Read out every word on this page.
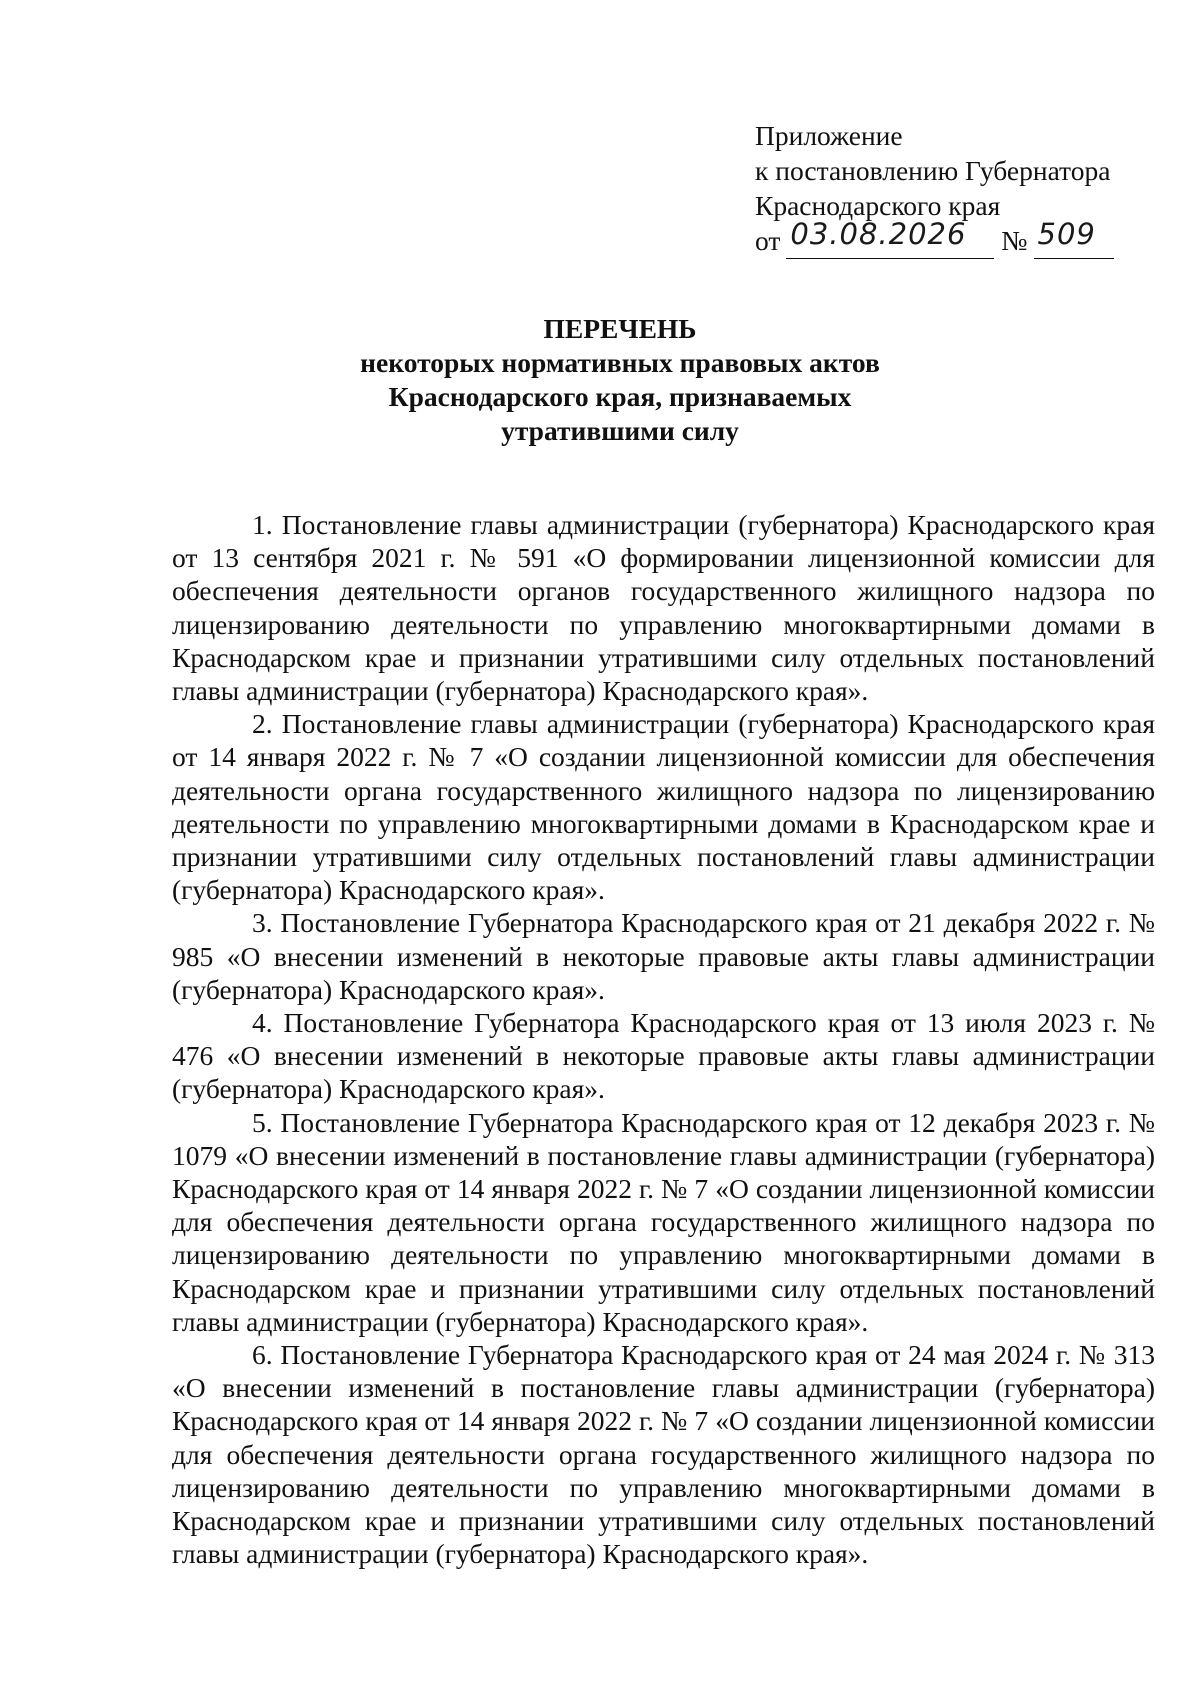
Приложение
к постановлению Губернатора
Краснодарского края
от 03.08.2026 № 509
ПЕРЕЧЕНЬ
некоторых нормативных правовых актов
Краснодарского края, признаваемых
утратившими силу

1. Постановление главы администрации (губернатора) Краснодарского края от 13 сентября 2021 г. № 591 «О формировании лицензионной комиссии для обеспечения деятельности органов государственного жилищного надзора по лицензированию деятельности по управлению многоквартирными домами в Краснодарском крае и признании утратившими силу отдельных постановлений главы администрации (губернатора) Краснодарского края».

2. Постановление главы администрации (губернатора) Краснодарского края от 14 января 2022 г. № 7 «О создании лицензионной комиссии для обеспечения деятельности органа государственного жилищного надзора по лицензированию деятельности по управлению многоквартирными домами в Краснодарском крае и признании утратившими силу отдельных постановлений главы администрации (губернатора) Краснодарского края».

3. Постановление Губернатора Краснодарского края от 21 декабря 2022 г. № 985 «О внесении изменений в некоторые правовые акты главы администрации (губернатора) Краснодарского края».

4. Постановление Губернатора Краснодарского края от 13 июля 2023 г. № 476 «О внесении изменений в некоторые правовые акты главы администрации (губернатора) Краснодарского края».

5. Постановление Губернатора Краснодарского края от 12 декабря 2023 г. № 1079 «О внесении изменений в постановление главы администрации (губернатора) Краснодарского края от 14 января 2022 г. № 7 «О создании лицензионной комиссии для обеспечения деятельности органа государственного жилищного надзора по лицензированию деятельности по управлению многоквартирными домами в Краснодарском крае и признании утратившими силу отдельных постановлений главы администрации (губернатора) Краснодарского края».

6. Постановление Губернатора Краснодарского края от 24 мая 2024 г. № 313 «О внесении изменений в постановление главы администрации (губернатора) Краснодарского края от 14 января 2022 г. № 7 «О создании лицензионной комиссии для обеспечения деятельности органа государственного жилищного надзора по лицензированию деятельности по управлению многоквартирными домами в Краснодарском крае и признании утратившими силу отдельных постановлений главы администрации (губернатора) Краснодарского края».
